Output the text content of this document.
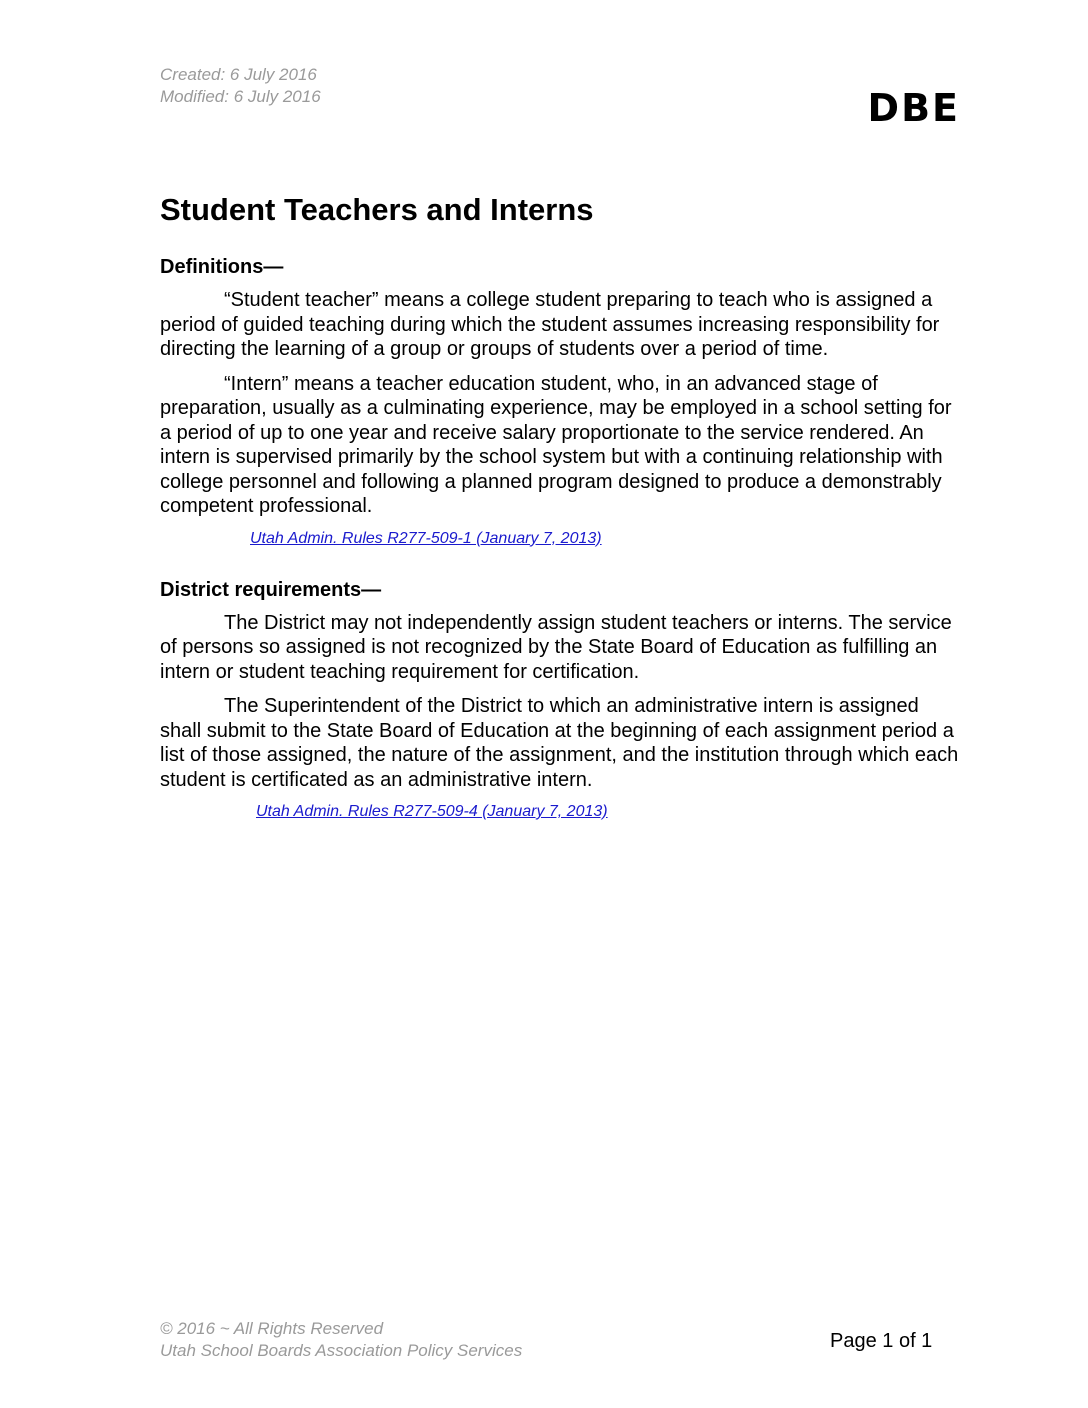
Created: 6 July 2016
Modified: 6 July 2016	DBE
Student Teachers and Interns
Definitions—

“Student teacher” means a college student preparing to teach who is assigned a period of guided teaching during which the student assumes increasing responsibility for directing the learning of a group or groups of students over a period of time.

“Intern” means a teacher education student, who, in an advanced stage of preparation, usually as a culminating experience, may be employed in a school setting for a period of up to one year and receive salary proportionate to the service rendered. An intern is supervised primarily by the school system but with a continuing relationship with college personnel and following a planned program designed to produce a demonstrably competent professional.

Utah Admin. Rules R277-509-1 (January 7, 2013)
District requirements—

The District may not independently assign student teachers or interns. The service of persons so assigned is not recognized by the State Board of Education as fulfilling an intern or student teaching requirement for certification.

The Superintendent of the District to which an administrative intern is assigned shall submit to the State Board of Education at the beginning of each assignment period a list of those assigned, the nature of the assignment, and the institution through which each student is certificated as an administrative intern.

Utah Admin. Rules R277-509-4 (January 7, 2013)
© 2016 ~ All Rights Reserved
Utah School Boards Association Policy Services	Page 1 of 1
